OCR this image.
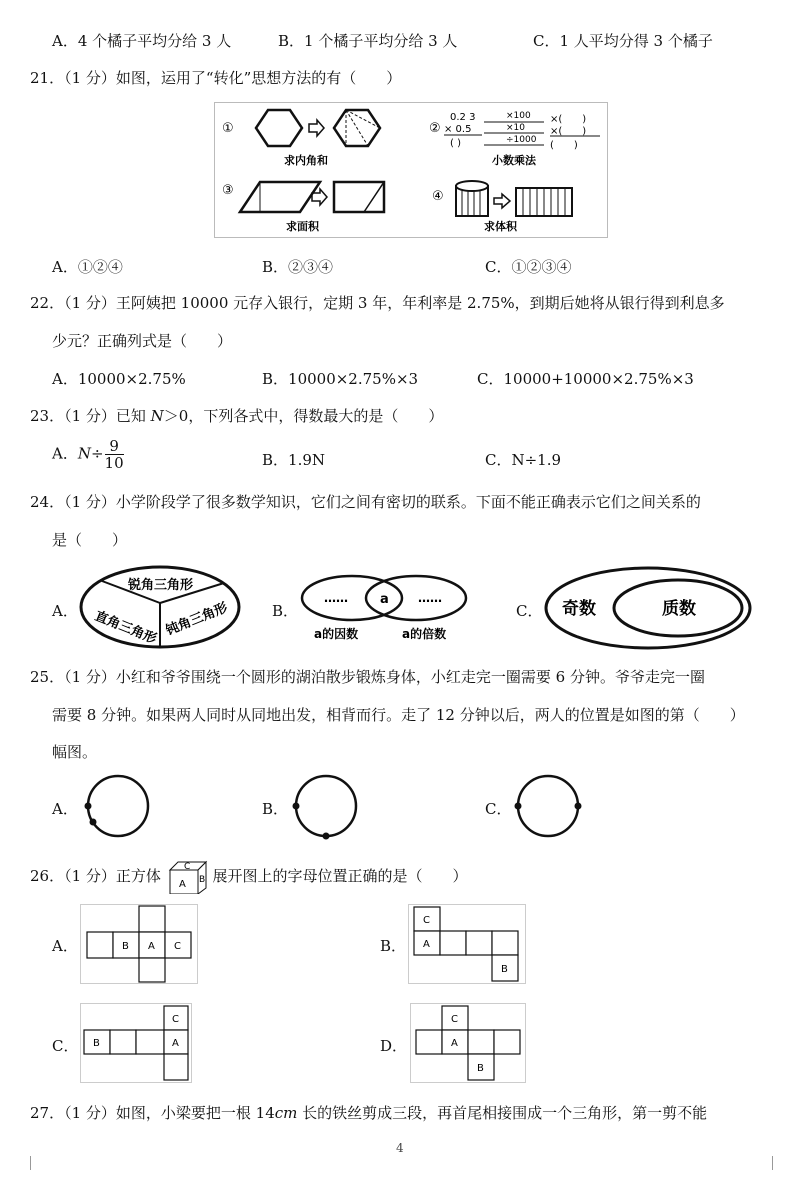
A．4 个橘子平均分给 3 人	B．1 个橘子平均分给 3 人	C．1 人平均分得 3 个橘子
21．（1 分）如图，运用了“转化”思想方法的有（　　）
①
求内角和
②
0.2 3
× 0.5
( )
×100
×10
÷1000
×(　　)
×(　　)
(　　)
小数乘法
③
求面积
④
求体积
A．①②④	B．②③④	C．①②③④
22．（1 分）王阿姨把 10000 元存入银行，定期 3 年，年利率是 2.75%，到期后她将从银行得到利息多
少元？正确列式是（　　）
A．10000×2.75%	B．10000×2.75%×3	C．10000+10000×2.75%×3
23．（1 分）已知 N＞0，下列各式中，得数最大的是（　　）
A．$N\div \frac{9}{10}$	B．1.9N	C．N÷1.9
24．（1 分）小学阶段学了很多数学知识，它们之间有密切的联系。下面不能正确表示它们之间关系的
是（　　）
A．
锐角三角形
直角三角形 钝角三角形	B．
…… a ……
a的因数	a的倍数
C． 奇数	质数
25．（1 分）小红和爷爷围绕一个圆形的湖泊散步锻炼身体，小红走完一圈需要 6 分钟。爷爷走完一圈
需要 8 分钟。如果两人同时从同地出发，相背而行。走了 12 分钟以后，两人的位置是如图的第（　　）
幅图。
A．	B．	C．
26．（1 分）正方体	C
A B 展开图上的字母位置正确的是（　　）
A．	B A C	B．
C
A
B
C． B
C
A	D．
C
A
B
27．（1 分）如图，小梁要把一根 14cm 长的铁丝剪成三段，再首尾相接围成一个三角形，第一剪不能
4
